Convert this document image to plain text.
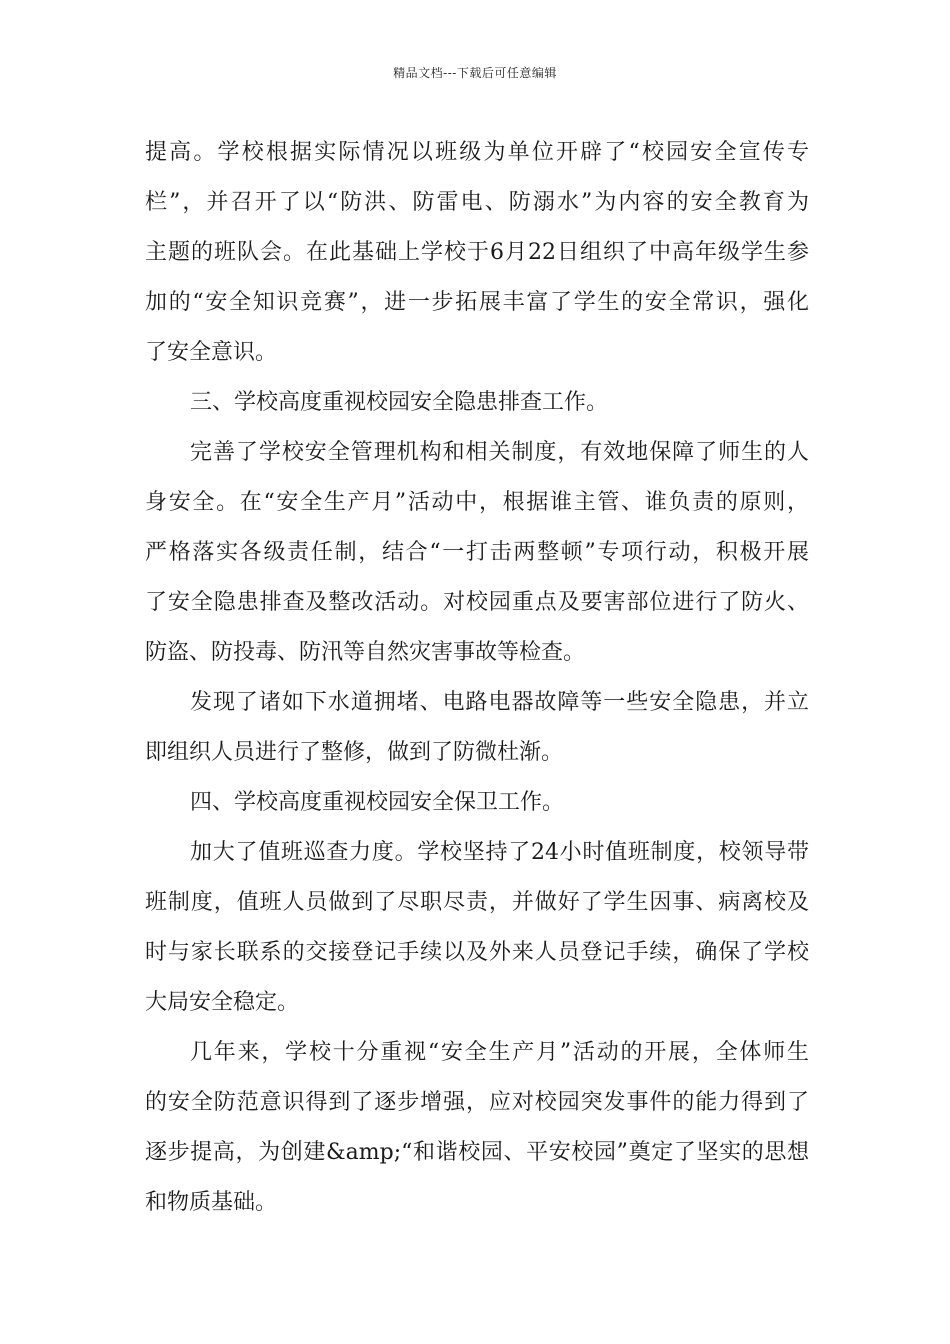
精品文档---下载后可任意编辑
提高。学校根据实际情况以班级为单位开辟了“校园安全宣传专
栏”，并召开了以“防洪、防雷电、防溺水”为内容的安全教育为
主题的班队会。在此基础上学校于6月22日组织了中高年级学生参
加的“安全知识竞赛”，进一步拓展丰富了学生的安全常识，强化
了安全意识。
三、学校高度重视校园安全隐患排查工作。
完善了学校安全管理机构和相关制度，有效地保障了师生的人
身安全。在“安全生产月”活动中，根据谁主管、谁负责的原则，
严格落实各级责任制，结合“一打击两整顿”专项行动，积极开展
了安全隐患排查及整改活动。对校园重点及要害部位进行了防火、
防盗、防投毒、防汛等自然灾害事故等检查。
发现了诸如下水道拥堵、电路电器故障等一些安全隐患，并立
即组织人员进行了整修，做到了防微杜渐。
四、学校高度重视校园安全保卫工作。
加大了值班巡查力度。学校坚持了24小时值班制度，校领导带
班制度，值班人员做到了尽职尽责，并做好了学生因事、病离校及
时与家长联系的交接登记手续以及外来人员登记手续，确保了学校
大局安全稳定。
几年来，学校十分重视“安全生产月”活动的开展，全体师生
的安全防范意识得到了逐步增强，应对校园突发事件的能力得到了
逐步提高，为创建&amp;“和谐校园、平安校园”奠定了坚实的思想
和物质基础。
